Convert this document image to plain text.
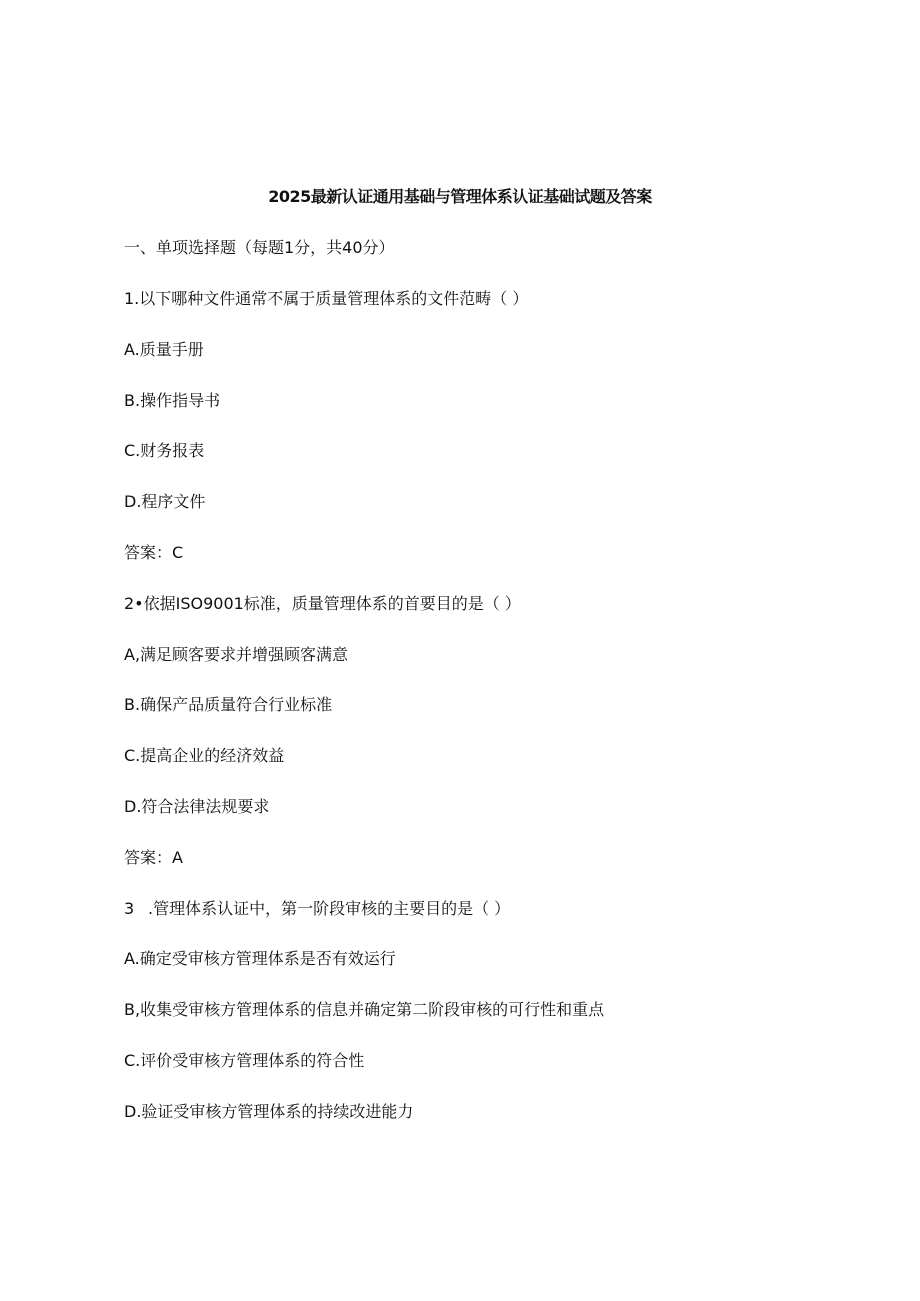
2025最新认证通用基础与管理体系认证基础试题及答案
一、单项选择题（每题1分，共40分）
1.以下哪种文件通常不属于质量管理体系的文件范畴（ ）
A.质量手册
B.操作指导书
C.财务报表
D.程序文件
答案：C
2•依据ISO9001标准，质量管理体系的首要目的是（ ）
A,满足顾客要求并增强顾客满意
B.确保产品质量符合行业标准
C.提高企业的经济效益
D.符合法律法规要求
答案：A
3 .管理体系认证中，第一阶段审核的主要目的是（ ）
A.确定受审核方管理体系是否有效运行
B,收集受审核方管理体系的信息并确定第二阶段审核的可行性和重点
C.评价受审核方管理体系的符合性
D.验证受审核方管理体系的持续改进能力
